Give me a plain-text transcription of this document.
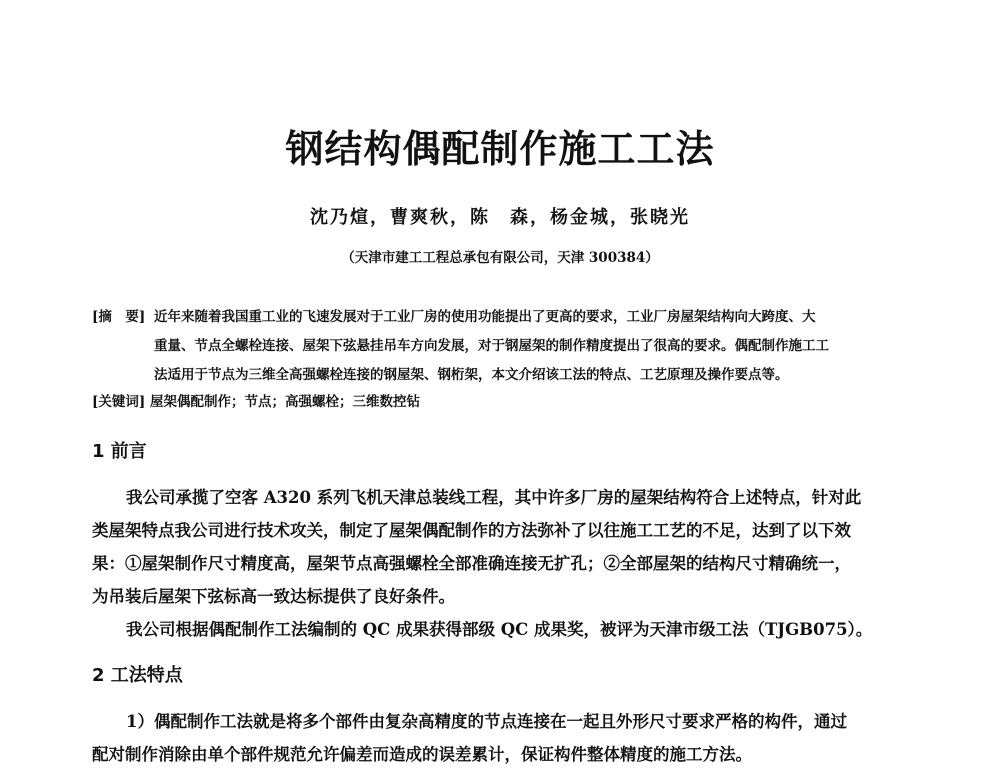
钢结构偶配制作施工工法
沈乃煊，曹爽秋，陈　森，杨金城，张晓光
（天津市建工工程总承包有限公司，天津 300384）
[摘　要] 近年来随着我国重工业的飞速发展对于工业厂房的使用功能提出了更高的要求，工业厂房屋架结构向大跨度、大
重量、节点全螺栓连接、屋架下弦悬挂吊车方向发展，对于钢屋架的制作精度提出了很高的要求。偶配制作施工工
法适用于节点为三维全高强螺栓连接的钢屋架、钢桁架，本文介绍该工法的特点、工艺原理及操作要点等。
[关键词] 屋架偶配制作；节点；高强螺栓；三维数控钻
1 前言
我公司承揽了空客 A320 系列飞机天津总装线工程，其中许多厂房的屋架结构符合上述特点，针对此
类屋架特点我公司进行技术攻关，制定了屋架偶配制作的方法弥补了以往施工工艺的不足，达到了以下效
果：①屋架制作尺寸精度高，屋架节点高强螺栓全部准确连接无扩孔；②全部屋架的结构尺寸精确统一，
为吊装后屋架下弦标高一致达标提供了良好条件。
我公司根据偶配制作工法编制的 QC 成果获得部级 QC 成果奖，被评为天津市级工法（TJGB075）。
2 工法特点
1）偶配制作工法就是将多个部件由复杂高精度的节点连接在一起且外形尺寸要求严格的构件，通过
配对制作消除由单个部件规范允许偏差而造成的误差累计，保证构件整体精度的施工方法。
